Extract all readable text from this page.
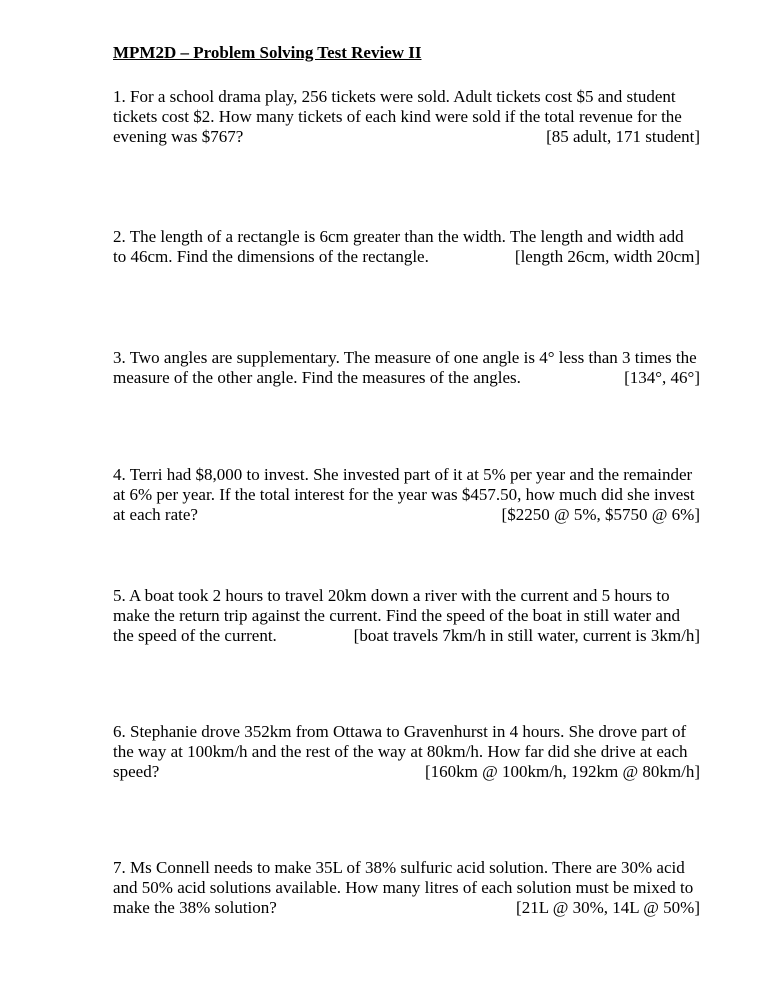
MPM2D – Problem Solving Test Review II
1. For a school drama play, 256 tickets were sold. Adult tickets cost $5 and student
tickets cost $2. How many tickets of each kind were sold if the total revenue for the
evening was $767?	[85 adult, 171 student]
2. The length of a rectangle is 6cm greater than the width. The length and width add
to 46cm. Find the dimensions of the rectangle.	[length 26cm, width 20cm]
3. Two angles are supplementary. The measure of one angle is 4° less than 3 times the
measure of the other angle. Find the measures of the angles.	[134°, 46°]
4. Terri had $8,000 to invest. She invested part of it at 5% per year and the remainder
at 6% per year. If the total interest for the year was $457.50, how much did she invest
at each rate?	[$2250 @ 5%, $5750 @ 6%]
5. A boat took 2 hours to travel 20km down a river with the current and 5 hours to
make the return trip against the current. Find the speed of the boat in still water and
the speed of the current.	[boat travels 7km/h in still water, current is 3km/h]
6. Stephanie drove 352km from Ottawa to Gravenhurst in 4 hours. She drove part of
the way at 100km/h and the rest of the way at 80km/h. How far did she drive at each
speed?	[160km @ 100km/h, 192km @ 80km/h]
7. Ms Connell needs to make 35L of 38% sulfuric acid solution. There are 30% acid
and 50% acid solutions available. How many litres of each solution must be mixed to
make the 38% solution?	[21L @ 30%, 14L @ 50%]
